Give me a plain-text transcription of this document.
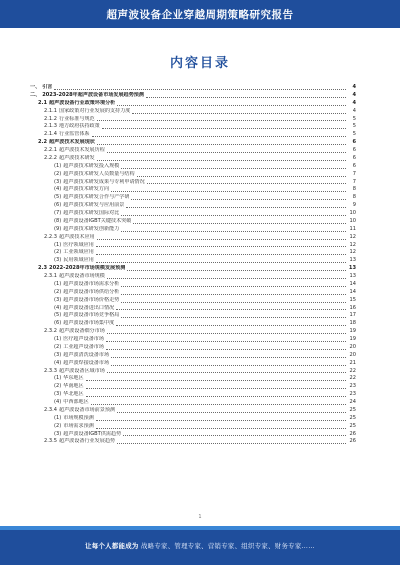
超声波设备企业穿越周期策略研究报告
内容目录
一、 引言	4
二、 2023-2028年超声波设备市场发展趋势预测	4
2.1 超声波设备行业政策环境分析	4
2.1.1 国家政策对行业发展的支持力度	4
2.1.2 行业标准与规范	5
2.1.3 地方政府扶持政策	5
2.1.4 行业监管体系	5
2.2 超声波技术发展现状	6
2.2.1 超声波技术发展历程	6
2.2.2 超声波技术研发	6
(1) 超声波技术研发投入规模	6
(2) 超声波技术研发人员数量与结构	7
(3) 超声波技术研发成果与专利申请情况	7
(4) 超声波技术研发方向	8
(5) 超声波技术研发合作与产学研	8
(6) 超声波技术研发与应用前景	9
(7) 超声波技术研发国际对比	10
(8) 超声波设备IGBT关键技术突破	10
(9) 超声波技术研发创新能力	11
2.2.3 超声波技术应用	12
(1) 医疗领域应用	12
(2) 工业领域应用	12
(3) 民用领域应用	13
2.3 2022-2028年市场规模发展预测	13
2.3.1 超声波设备市场规模	13
(1) 超声波设备市场需求分析	14
(2) 超声波设备市场供给分析	14
(3) 超声波设备市场价格走势	15
(4) 超声波设备进出口情况	16
(5) 超声波设备市场竞争格局	17
(6) 超声波设备市场集中度	18
2.3.2 超声波设备细分市场	19
(1) 医疗超声设备市场	19
(2) 工业超声设备市场	20
(3) 超声波清洗设备市场	20
(4) 超声波焊接设备市场	21
2.3.3 超声波设备区域市场	22
(1) 华东地区	22
(2) 华南地区	23
(3) 华北地区	23
(4) 中西部地区	24
2.3.4 超声波设备市场前景预测	25
(1) 市场规模预测	25
(2) 市场需求预测	25
(3) 超声波设备IGBT供需趋势	26
2.3.5 超声波设备行业发展趋势	26
1
让每个人都能成为 战略专家、管理专家、营销专家、组织专家、财务专家……
